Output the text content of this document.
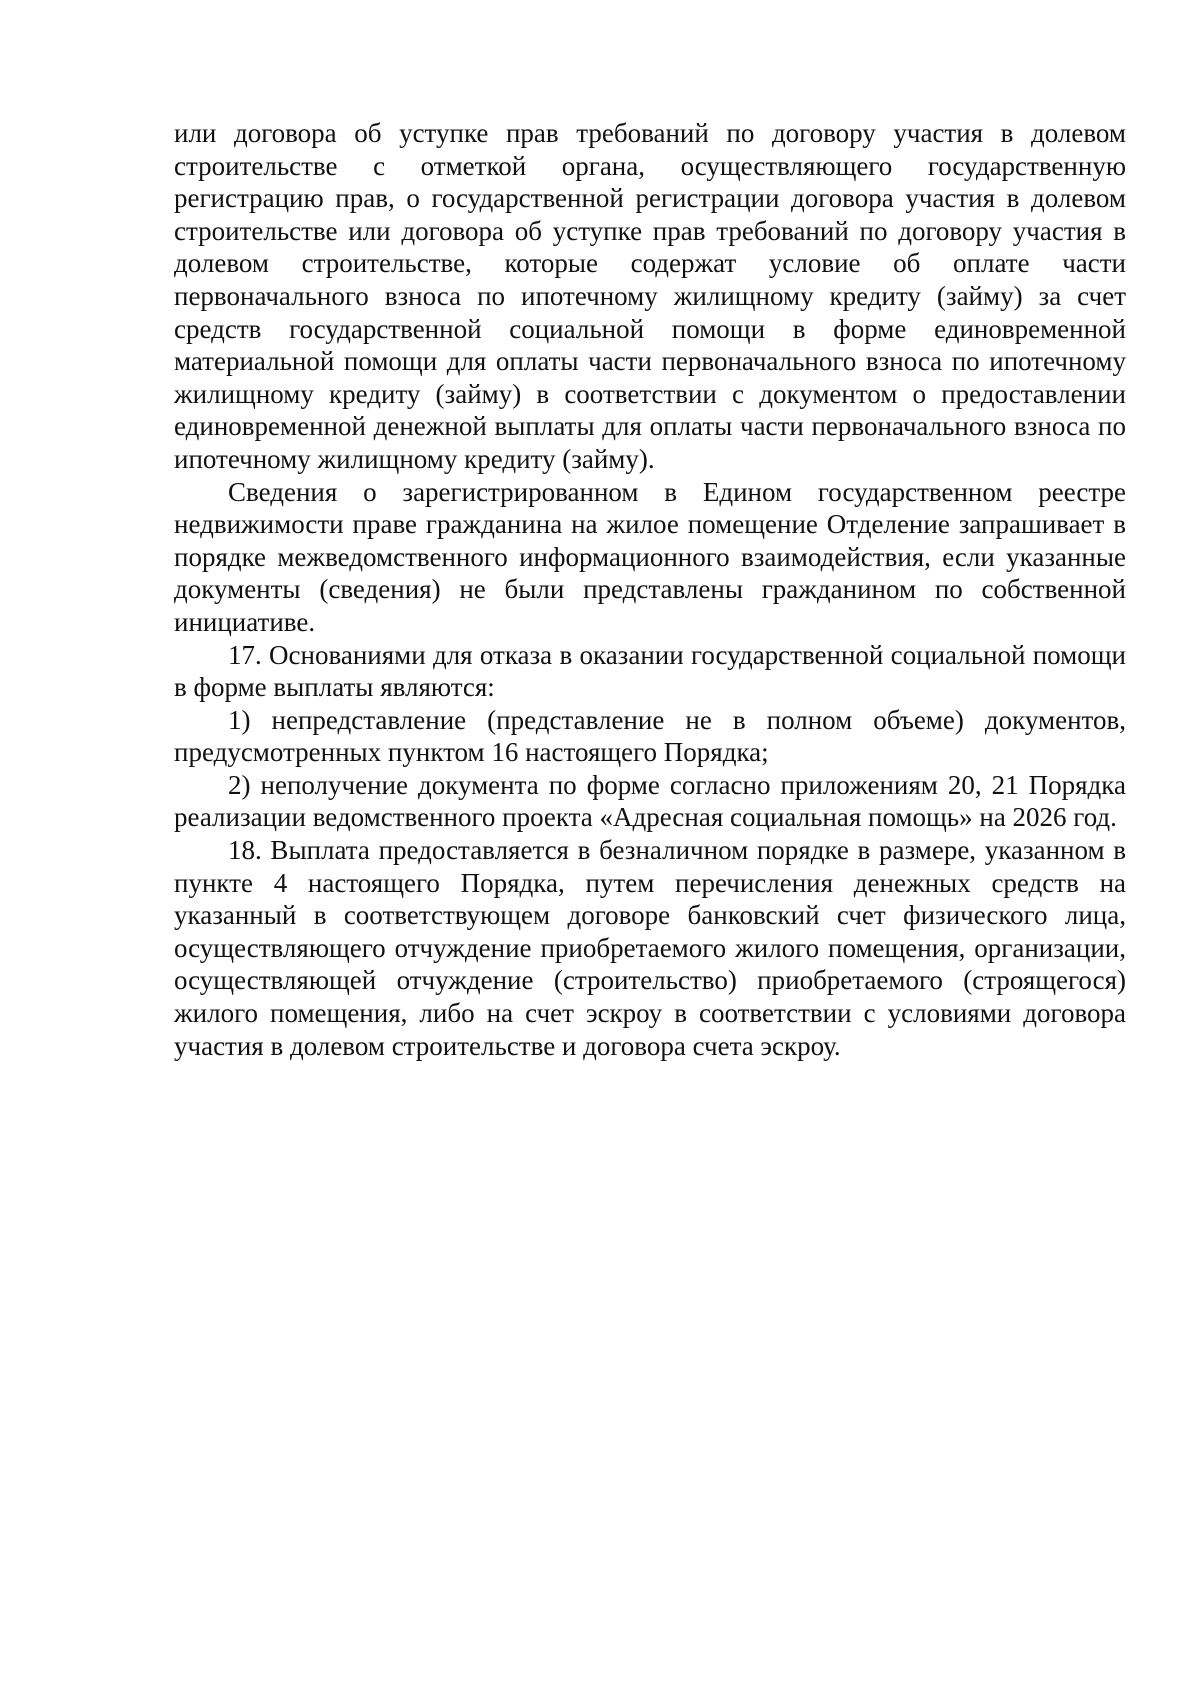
или договора об уступке прав требований по договору участия в долевом строительстве с отметкой органа, осуществляющего государственную регистрацию прав, о государственной регистрации договора участия в долевом строительстве или договора об уступке прав требований по договору участия в долевом строительстве, которые содержат условие об оплате части первоначального взноса по ипотечному жилищному кредиту (займу) за счет средств государственной социальной помощи в форме единовременной материальной помощи для оплаты части первоначального взноса по ипотечному жилищному кредиту (займу) в соответствии с документом о предоставлении единовременной денежной выплаты для оплаты части первоначального взноса по ипотечному жилищному кредиту (займу).

Сведения о зарегистрированном в Едином государственном реестре недвижимости праве гражданина на жилое помещение Отделение запрашивает в порядке межведомственного информационного взаимодействия, если указанные документы (сведения) не были представлены гражданином по собственной инициативе.

17. Основаниями для отказа в оказании государственной социальной помощи в форме выплаты являются:

1) непредставление (представление не в полном объеме) документов, предусмотренных пунктом 16 настоящего Порядка;

2) неполучение документа по форме согласно приложениям 20, 21 Порядка реализации ведомственного проекта «Адресная социальная помощь» на 2026 год.

18. Выплата предоставляется в безналичном порядке в размере, указанном в пункте 4 настоящего Порядка, путем перечисления денежных средств на указанный в соответствующем договоре банковский счет физического лица, осуществляющего отчуждение приобретаемого жилого помещения, организации, осуществляющей отчуждение (строительство) приобретаемого (строящегося) жилого помещения, либо на счет эскроу в соответствии с условиями договора участия в долевом строительстве и договора счета эскроу.
